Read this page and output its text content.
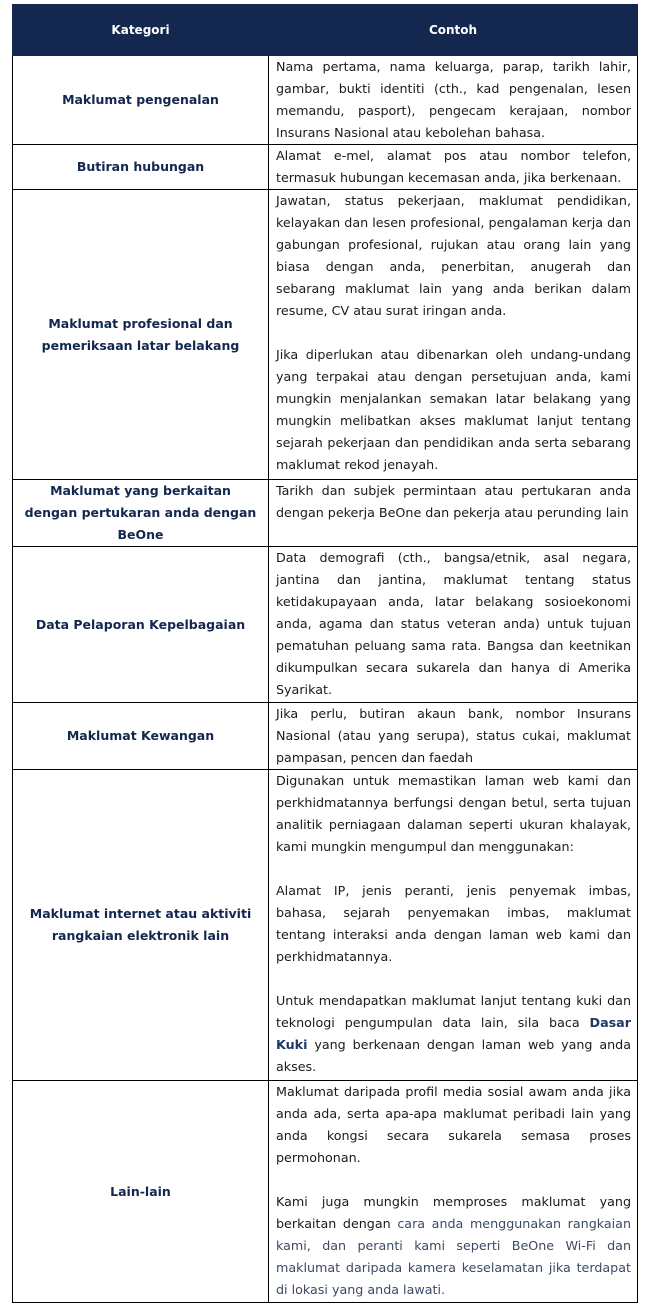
Kategori	Contoh
Maklumat pengenalan	Nama pertama, nama keluarga, parap, tarikh lahir, gambar, bukti identiti (cth., kad pengenalan, lesen memandu, pasport), pengecam kerajaan, nombor Insurans Nasional atau kebolehan bahasa.

Butiran hubungan	Alamat e-mel, alamat pos atau nombor telefon, termasuk hubungan kecemasan anda, jika berkenaan.

Maklumat profesional dan pemeriksaan latar belakang	Jawatan, status pekerjaan, maklumat pendidikan, kelayakan dan lesen profesional, pengalaman kerja dan gabungan profesional, rujukan atau orang lain yang biasa dengan anda, penerbitan, anugerah dan sebarang maklumat lain yang anda berikan dalam resume, CV atau surat iringan anda.
Jika diperlukan atau dibenarkan oleh undang-undang yang terpakai atau dengan persetujuan anda, kami mungkin menjalankan semakan latar belakang yang mungkin melibatkan akses maklumat lanjut tentang sejarah pekerjaan dan pendidikan anda serta sebarang maklumat rekod jenayah.

Maklumat yang berkaitan dengan pertukaran anda dengan BeOne	Tarikh dan subjek permintaan atau pertukaran anda dengan pekerja BeOne dan pekerja atau perunding lain

Data Pelaporan Kepelbagaian	Data demografi (cth., bangsa/etnik, asal negara, jantina dan jantina, maklumat tentang status ketidakupayaan anda, latar belakang sosioekonomi anda, agama dan status veteran anda) untuk tujuan pematuhan peluang sama rata. Bangsa dan keetnikan dikumpulkan secara sukarela dan hanya di Amerika Syarikat.

Maklumat Kewangan	Jika perlu, butiran akaun bank, nombor Insurans Nasional (atau yang serupa), status cukai, maklumat pampasan, pencen dan faedah

Maklumat internet atau aktiviti rangkaian elektronik lain	Digunakan untuk memastikan laman web kami dan perkhidmatannya berfungsi dengan betul, serta tujuan analitik perniagaan dalaman seperti ukuran khalayak, kami mungkin mengumpul dan menggunakan:
Alamat IP, jenis peranti, jenis penyemak imbas, bahasa, sejarah penyemakan imbas, maklumat tentang interaksi anda dengan laman web kami dan perkhidmatannya.
Untuk mendapatkan maklumat lanjut tentang kuki dan teknologi pengumpulan data lain, sila baca Dasar Kuki yang berkenaan dengan laman web yang anda akses.

Lain-lain	Maklumat daripada profil media sosial awam anda jika anda ada, serta apa-apa maklumat peribadi lain yang anda kongsi secara sukarela semasa proses permohonan.
Kami juga mungkin memproses maklumat yang berkaitan dengan cara anda menggunakan rangkaian kami, dan peranti kami seperti BeOne Wi-Fi dan maklumat daripada kamera keselamatan jika terdapat di lokasi yang anda lawati.
